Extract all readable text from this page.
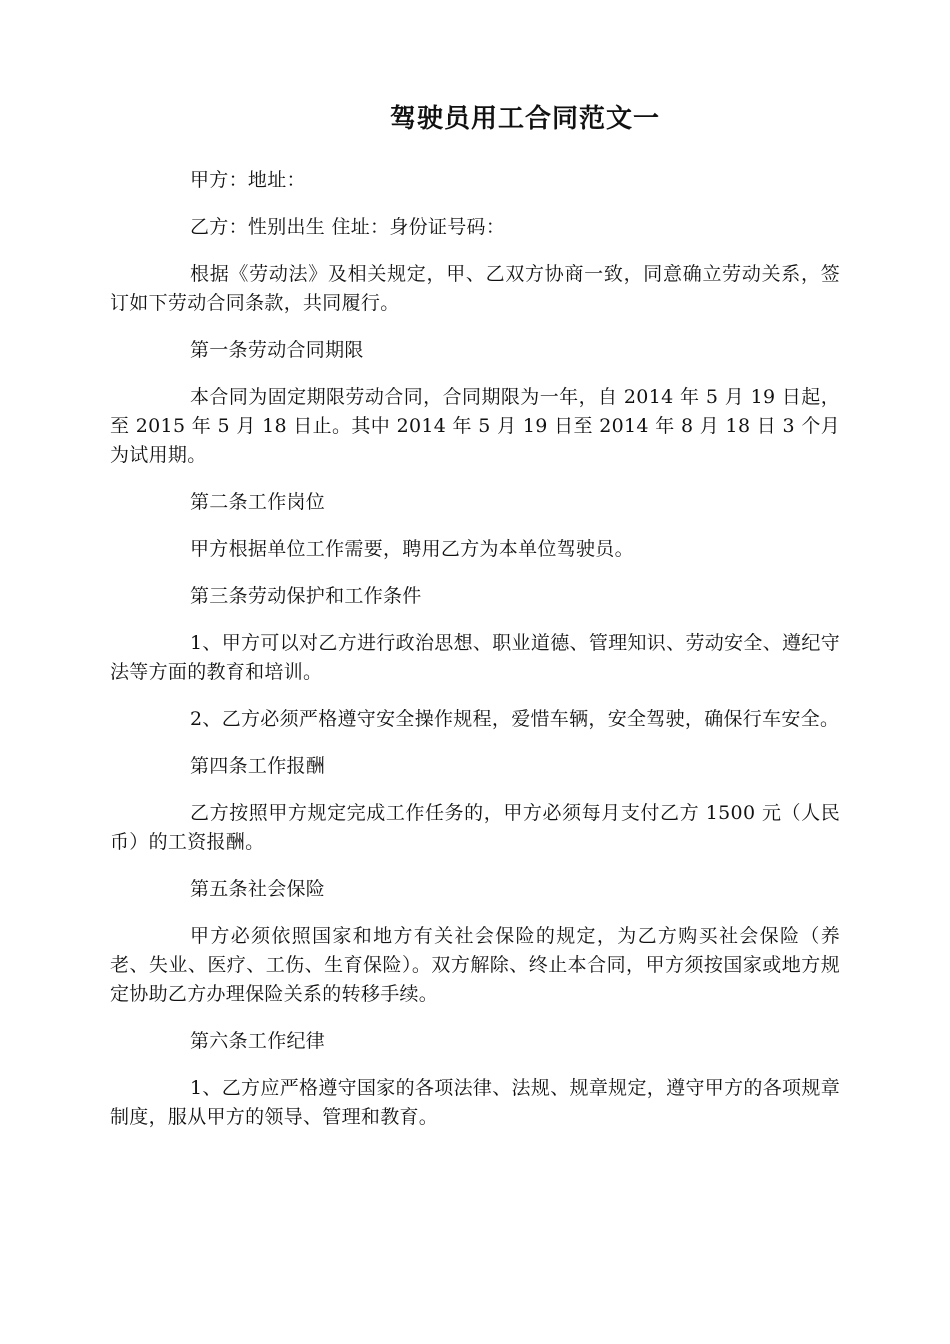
驾驶员用工合同范文一

甲方：地址：

乙方：性别出生 住址：身份证号码：

根据《劳动法》及相关规定，甲、乙双方协商一致，同意确立劳动关系，签订如下劳动合同条款，共同履行。

第一条劳动合同期限

本合同为固定期限劳动合同，合同期限为一年，自 2014 年 5 月 19 日起，至 2015 年 5 月 18 日止。其中 2014 年 5 月 19 日至 2014 年 8 月 18 日 3 个月为试用期。

第二条工作岗位

甲方根据单位工作需要，聘用乙方为本单位驾驶员。

第三条劳动保护和工作条件

1、甲方可以对乙方进行政治思想、职业道德、管理知识、劳动安全、遵纪守法等方面的教育和培训。

2、乙方必须严格遵守安全操作规程，爱惜车辆，安全驾驶，确保行车安全。

第四条工作报酬

乙方按照甲方规定完成工作任务的，甲方必须每月支付乙方 1500 元（人民 币）的工资报酬。

第五条社会保险

甲方必须依照国家和地方有关社会保险的规定，为乙方购买社会保险（养老、失业、医疗、工伤、生育保险）。双方解除、终止本合同，甲方须按国家或地方规定协助乙方办理保险关系的转移手续。

第六条工作纪律

1、乙方应严格遵守国家的各项法律、法规、规章规定，遵守甲方的各项规章制度，服从甲方的领导、管理和教育。
